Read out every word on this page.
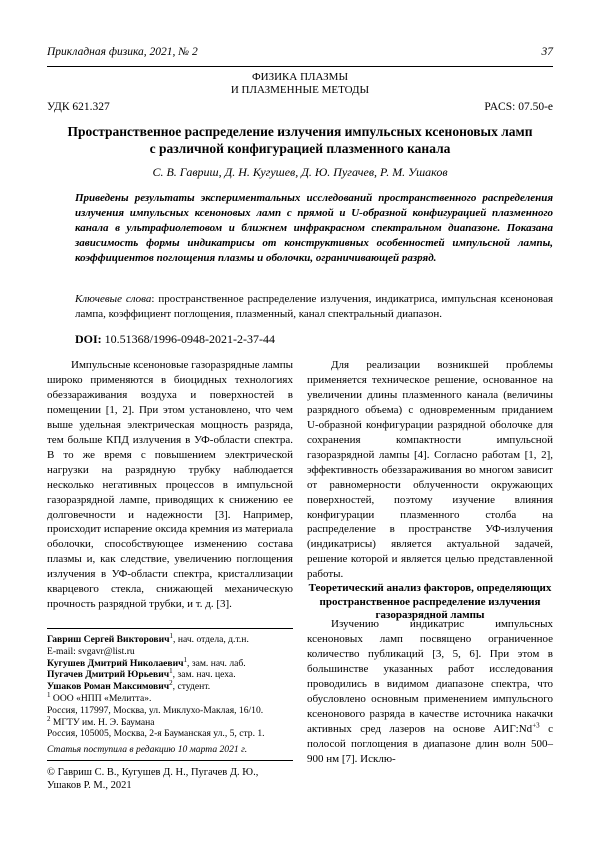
Прикладная физика, 2021, № 2	37
ФИЗИКА ПЛАЗМЫ
И ПЛАЗМЕННЫЕ МЕТОДЫ
УДК 621.327	PACS: 07.50-e
Пространственное распределение излучения импульсных ксеноновых ламп
с различной конфигурацией плазменного канала
С. В. Гавриш, Д. Н. Кугушев, Д. Ю. Пугачев, Р. М. Ушаков
Приведены результаты экспериментальных исследований пространственного распределения излучения импульсных ксеноновых ламп с прямой и U-образной конфигурацией плазменного канала в ультрафиолетовом и ближнем инфракрасном спектральном диапазоне. Показана зависимость формы индикатрисы от конструктивных особенностей импульсной лампы, коэффициентов поглощения плазмы и оболочки, ограничивающей разряд.
Ключевые слова: пространственное распределение излучения, индикатриса, импульсная ксеноновая лампа, коэффициент поглощения, плазменный, канал спектральный диапазон.
DOI: 10.51368/1996-0948-2021-2-37-44

Импульсные ксеноновые газоразрядные лампы широко применяются в биоцидных технологиях обеззараживания воздуха и поверхностей в помещении [1, 2]. При этом установлено, что чем выше удельная электрическая мощность разряда, тем больше КПД излучения в УФ-области спектра. В то же время с повышением электрической нагрузки на разрядную трубку наблюдается несколько негативных процессов в импульсной газоразрядной лампе, приводящих к снижению ее долговечности и надежности [3]. Например, происходит испарение оксида кремния из материала оболочки, способствующее изменению состава плазмы и, как следствие, увеличению поглощения излучения в УФ-области спектра, кристаллизации кварцевого стекла, снижающей механическую прочность разрядной трубки, и т. д. [3].

Для реализации возникшей проблемы применяется техническое решение, основанное на увеличении длины плазменного канала (величины разрядного объема) с одновременным приданием U-образной конфигурации разрядной оболочке для сохранения компактности импульсной газоразрядной лампы [4]. Согласно работам [1, 2], эффективность обеззараживания во многом зависит от равномерности облученности окружающих поверхностей, поэтому изучение влияния конфигурации плазменного столба на распределение в пространстве УФ-излучения (индикатрисы) является актуальной задачей, решение которой и является целью представленной работы.

Теоретический анализ факторов, определяющих пространственное распределение излучения газоразрядной лампы

Изучению индикатрис импульсных ксеноновых ламп посвящено ограниченное количество публикаций [3, 5, 6]. При этом в большинстве указанных работ исследования проводились в видимом диапазоне спектра, что обусловлено основным применением импульсного ксенонового разряда в качестве источника накачки активных сред лазеров на основе $АИГ:Nd^{+3}$ с полосой поглощения в диапазоне длин волн 500–900 нм [7]. Исклю-

Гавриш Сергей Викторович$^1$, нач. отдела, д.т.н.
E-mail: svgavr@list.ru
Кугушев Дмитрий Николаевич$^1$, зам. нач. лаб.
Пугачев Дмитрий Юрьевич$^1$, зам. нач. цеха.
Ушаков Роман Максимович$^2$, студент.
$^1$ ООО «НПП «Мелитта».
Россия, 117997, Москва, ул. Миклухо-Маклая, 16/10.
$^2$ МГТУ им. Н. Э. Баумана
Россия, 105005, Москва, 2-я Бауманская ул., 5, стр. 1.
Статья поступила в редакцию 10 марта 2021 г.
© Гавриш С. В., Кугушев Д. Н., Пугачев Д. Ю., Ушаков Р. М., 2021
